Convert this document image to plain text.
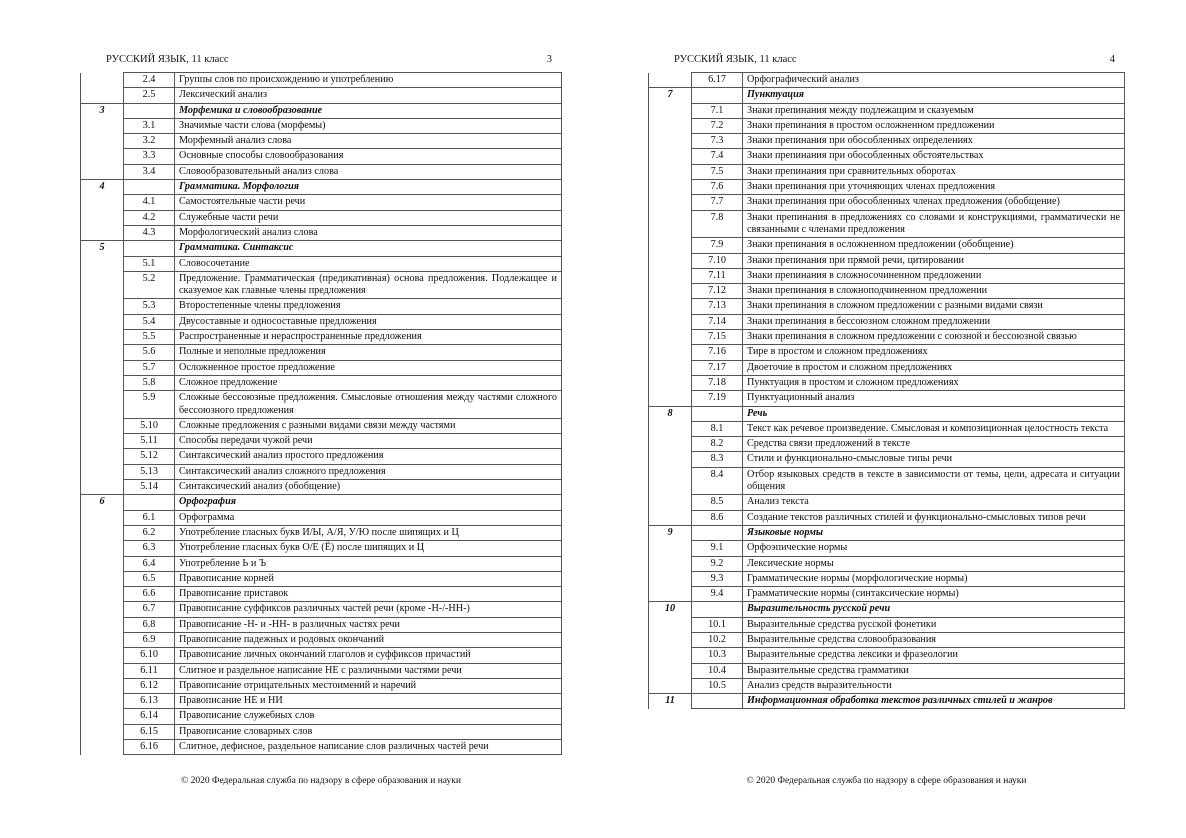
РУССКИЙ ЯЗЫК, 11 класс	3
	2.4	Группы слов по происхождению и употреблению
	2.5	Лексический анализ
3		Морфемика и словообразование
	3.1	Значимые части слова (морфемы)
	3.2	Морфемный анализ слова
	3.3	Основные способы словообразования
	3.4	Словообразовательный анализ слова
4		Грамматика. Морфология
	4.1	Самостоятельные части речи
	4.2	Служебные части речи
	4.3	Морфологический анализ слова
5		Грамматика. Синтаксис
	5.1	Словосочетание
	5.2	Предложение. Грамматическая (предикативная) основа предложения. Подлежащее и сказуемое как главные члены предложения
	5.3	Второстепенные члены предложения
	5.4	Двусоставные и односоставные предложения
	5.5	Распространенные и нераспространенные предложения
	5.6	Полные и неполные предложения
	5.7	Осложненное простое предложение
	5.8	Сложное предложение
	5.9	Сложные бессоюзные предложения. Смысловые отношения между частями сложного бессоюзного предложения
	5.10	Сложные предложения с разными видами связи между частями
	5.11	Способы передачи чужой речи
	5.12	Синтаксический анализ простого предложения
	5.13	Синтаксический анализ сложного предложения
	5.14	Синтаксический анализ (обобщение)
6		Орфография
	6.1	Орфограмма
	6.2	Употребление гласных букв И/Ы, А/Я, У/Ю после шипящих и Ц
	6.3	Употребление гласных букв О/Е (Ё) после шипящих и Ц
	6.4	Употребление Ь и Ъ
	6.5	Правописание корней
	6.6	Правописание приставок
	6.7	Правописание суффиксов различных частей речи (кроме -Н-/-НН-)
	6.8	Правописание -Н- и -НН- в различных частях речи
	6.9	Правописание падежных и родовых окончаний
	6.10	Правописание личных окончаний глаголов и суффиксов причастий
	6.11	Слитное и раздельное написание НЕ с различными частями речи
	6.12	Правописание отрицательных местоимений и наречий
	6.13	Правописание НЕ и НИ
	6.14	Правописание служебных слов
	6.15	Правописание словарных слов
	6.16	Слитное, дефисное, раздельное написание слов различных частей речи
© 2020 Федеральная служба по надзору в сфере образования и науки
РУССКИЙ ЯЗЫК, 11 класс	4
	6.17	Орфографический анализ
7		Пунктуация
	7.1	Знаки препинания между подлежащим и сказуемым
	7.2	Знаки препинания в простом осложненном предложении
	7.3	Знаки препинания при обособленных определениях
	7.4	Знаки препинания при обособленных обстоятельствах
	7.5	Знаки препинания при сравнительных оборотах
	7.6	Знаки препинания при уточняющих членах предложения
	7.7	Знаки препинания при обособленных членах предложения (обобщение)
	7.8	Знаки препинания в предложениях со словами и конструкциями, грамматически не связанными с членами предложения
	7.9	Знаки препинания в осложненном предложении (обобщение)
	7.10	Знаки препинания при прямой речи, цитировании
	7.11	Знаки препинания в сложносочиненном предложении
	7.12	Знаки препинания в сложноподчиненном предложении
	7.13	Знаки препинания в сложном предложении с разными видами связи
	7.14	Знаки препинания в бессоюзном сложном предложении
	7.15	Знаки препинания в сложном предложении с союзной и бессоюзной связью
	7.16	Тире в простом и сложном предложениях
	7.17	Двоеточие в простом и сложном предложениях
	7.18	Пунктуация в простом и сложном предложениях
	7.19	Пунктуационный анализ
8		Речь
	8.1	Текст как речевое произведение. Смысловая и композиционная целостность текста
	8.2	Средства связи предложений в тексте
	8.3	Стили и функционально-смысловые типы речи
	8.4	Отбор языковых средств в тексте в зависимости от темы, цели, адресата и ситуации общения
	8.5	Анализ текста
	8.6	Создание текстов различных стилей и функционально-смысловых типов речи
9		Языковые нормы
	9.1	Орфоэпические нормы
	9.2	Лексические нормы
	9.3	Грамматические нормы (морфологические нормы)
	9.4	Грамматические нормы (синтаксические нормы)
10		Выразительность русской речи
	10.1	Выразительные средства русской фонетики
	10.2	Выразительные средства словообразования
	10.3	Выразительные средства лексики и фразеологии
	10.4	Выразительные средства грамматики
	10.5	Анализ средств выразительности
11		Информационная обработка текстов различных стилей и жанров
© 2020 Федеральная служба по надзору в сфере образования и науки
